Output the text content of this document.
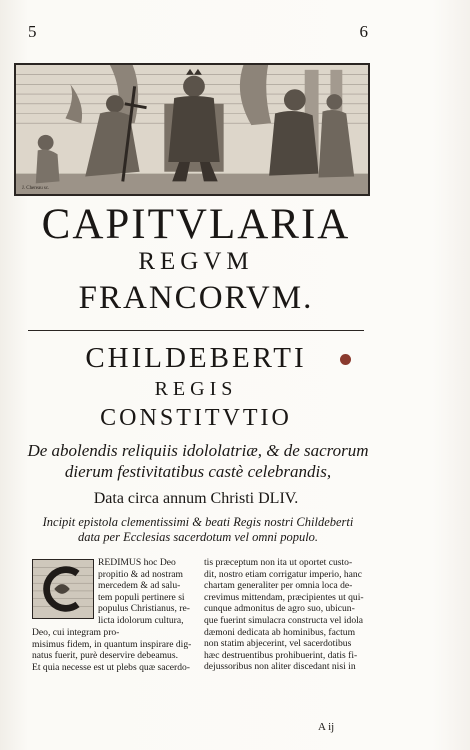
5	6
J. Chereau sc.
CAPITVLARIA
REGVM
FRANCORVM.
CHILDEBERTI
REGIS
CONSTITVTIO
De abolendis reliquiis idololatriæ, & de sacrorum dierum festivitatibus castè celebrandis,
Data circa annum Christi DLIV.
Incipit epistola clementissimi & beati Regis nostri Childeberti data per Ecclesias sacerdotum vel omni populo.
REDIMUS hoc Deo
propitio & ad nostram
mercedem & ad salu-
tem populi pertinere si
populus Christianus, re-
licta idolorum cultura,
Deo, cui integram pro-
misimus fidem, in quantum inspirare dig-
natus fuerit, purè deservire debeamus.
Et quia necesse est ut plebs quæ sacerdo-
tis præceptum non ita ut oportet custo-
dit, nostro etiam corrigatur imperio, hanc
chartam generaliter per omnia loca de-
crevimus mittendam, præcipientes ut qui-
cunque admonitus de agro suo, ubicun-
que fuerint simulacra constructa vel idola
dæmoni dedicata ab hominibus, factum
non statim abjecerint, vel sacerdotibus
hæc destruentibus prohibuerint, datis fi-
dejussoribus non aliter discedant nisi in
A ij
